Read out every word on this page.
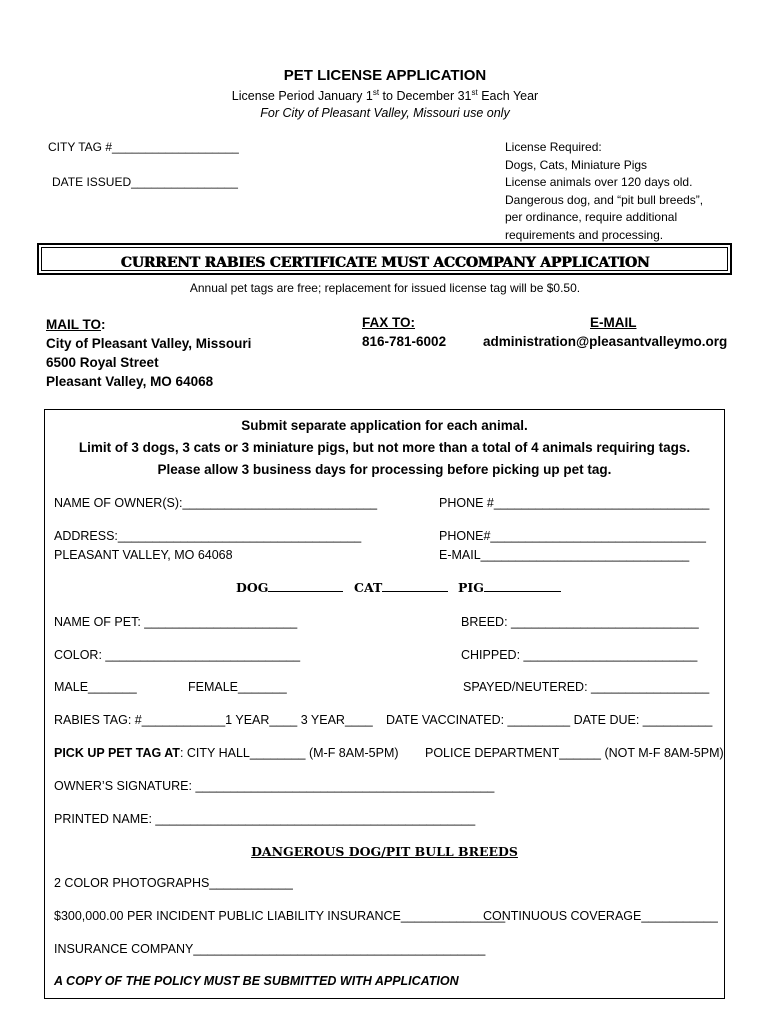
PET LICENSE APPLICATION
License Period January 1st to December 31st Each Year
For City of Pleasant Valley, Missouri use only
CITY TAG #___________________
DATE ISSUED________________
License Required:
Dogs, Cats, Miniature Pigs
License animals over 120 days old.
Dangerous dog, and “pit bull breeds”,
per ordinance, require additional
requirements and processing.
CURRENT RABIES CERTIFICATE MUST ACCOMPANY APPLICATION
Annual pet tags are free; replacement for issued license tag will be $0.50.
MAIL TO:
City of Pleasant Valley, Missouri
6500 Royal Street
Pleasant Valley, MO 64068
FAX TO:
816-781-6002
E-MAIL
administration@pleasantvalleymo.org
Submit separate application for each animal.
Limit of 3 dogs, 3 cats or 3 miniature pigs, but not more than a total of 4 animals requiring tags.
Please allow 3 business days for processing before picking up pet tag.
NAME OF OWNER(S):____________________________	PHONE #_______________________________
ADDRESS:___________________________________	PHONE#_______________________________
PLEASANT VALLEY, MO 64068	E-MAIL______________________________
DOG	CAT	PIG
NAME OF PET: ______________________	BREED: ___________________________
COLOR: ____________________________	CHIPPED: _________________________
MALE_______	FEMALE_______	SPAYED/NEUTERED: _________________
RABIES TAG: #____________1 YEAR____ 3 YEAR____ DATE VACCINATED: _________ DATE DUE: __________
PICK UP PET TAG AT: CITY HALL________ (M-F 8AM-5PM) POLICE DEPARTMENT______ (NOT M-F 8AM-5PM)
OWNER’S SIGNATURE: ___________________________________________
PRINTED NAME: ______________________________________________
DANGEROUS DOG/PIT BULL BREEDS
2 COLOR PHOTOGRAPHS____________
$300,000.00 PER INCIDENT PUBLIC LIABILITY INSURANCE_______________
CONTINUOUS COVERAGE___________
INSURANCE COMPANY__________________________________________
A COPY OF THE POLICY MUST BE SUBMITTED WITH APPLICATION
